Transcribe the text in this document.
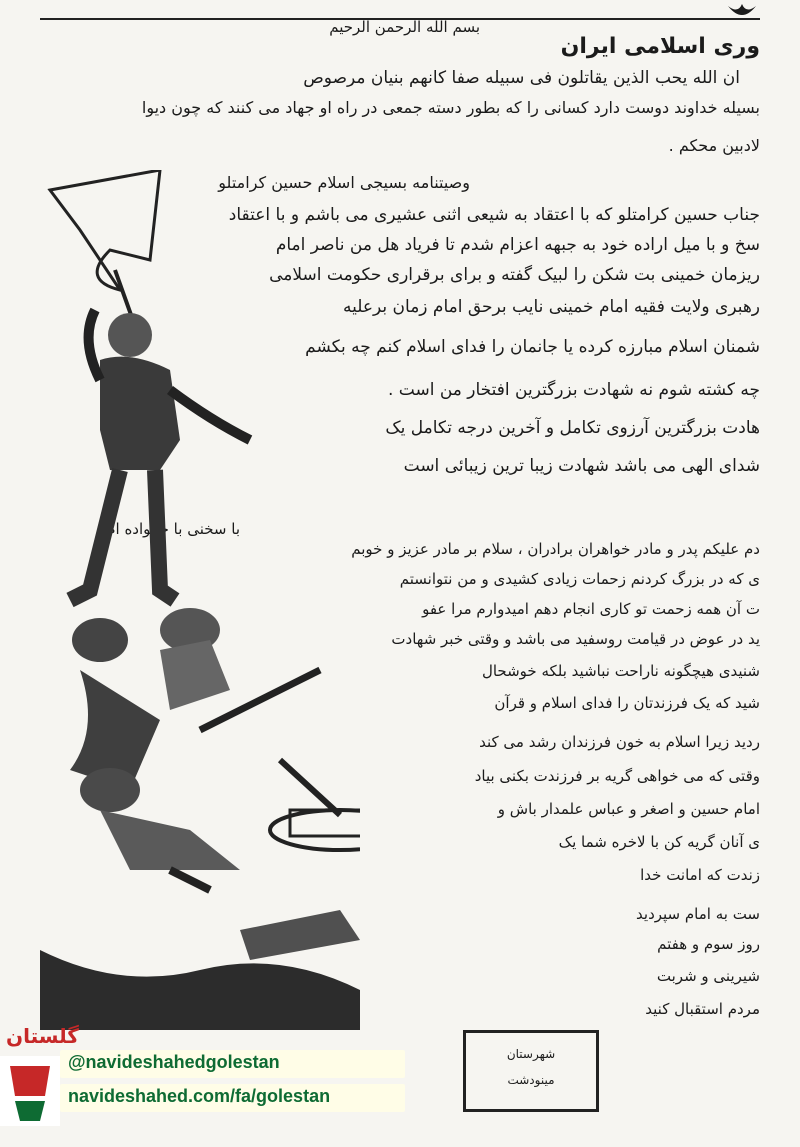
بسم الله الرحمن الرحیم
وری اسلامی ایران
ان الله یحب الذین یقاتلون فی سبیله صفا کانهم بنیان مرصوص
بسیله خداوند دوست دارد کسانی را که بطور دسته جمعی در راه او جهاد می کنند که چون دیوا
لادبین محکم .
وصیتنامه بسیجی اسلام حسین کرامتلو
جناب حسین کرامتلو که با اعتقاد به شیعی اثنی عشیری می باشم و با اعتقاد
سخ و با میل اراده خود به جبهه اعزام شدم تا فریاد هل من ناصر امام
ریزمان خمینی بت شکن را لبیک گفته و برای برقراری حکومت اسلامی
رهبری ولایت فقیه امام خمینی نایب برحق امام زمان برعلیه
شمنان اسلام مبارزه کرده یا جانمان را فدای اسلام کنم چه بکشم
چه کشته شوم نه شهادت بزرگترین افتخار من است .
هادت بزرگترین آرزوی تکامل و آخرین درجه تکامل یک
شدای الهی می باشد شهادت زیبا ترین زیبائی است
با سخنی با خانواده ام
دم علیکم پدر و مادر خواهران برادران ، سلام بر مادر عزیز و خوبم
ی که در بزرگ کردنم زحمات زیادی کشیدی و من نتوانستم
ت آن همه زحمت تو کاری انجام دهم امیدوارم مرا عفو
ید در عوض در قیامت روسفید می باشد و وقتی خبر شهادت
شنیدی هیچگونه ناراحت نباشید بلکه خوشحال
شید که یک فرزندتان را فدای اسلام و قرآن
ردید زیرا اسلام به خون فرزندان رشد می کند
وقتی که می خواهی گریه بر فرزندت بکنی بیاد
امام حسین و اصغر و عباس علمدار باش و
ی آنان گریه کن با لاخره شما یک
زندت که امانت خدا
ست به امام سپردید
روز سوم و هفتم
شیرینی و شربت
مردم استقبال کنید
شهرستان
مینودشت
گلستان
@navideshahedgolestan
navideshahed.com/fa/golestan
